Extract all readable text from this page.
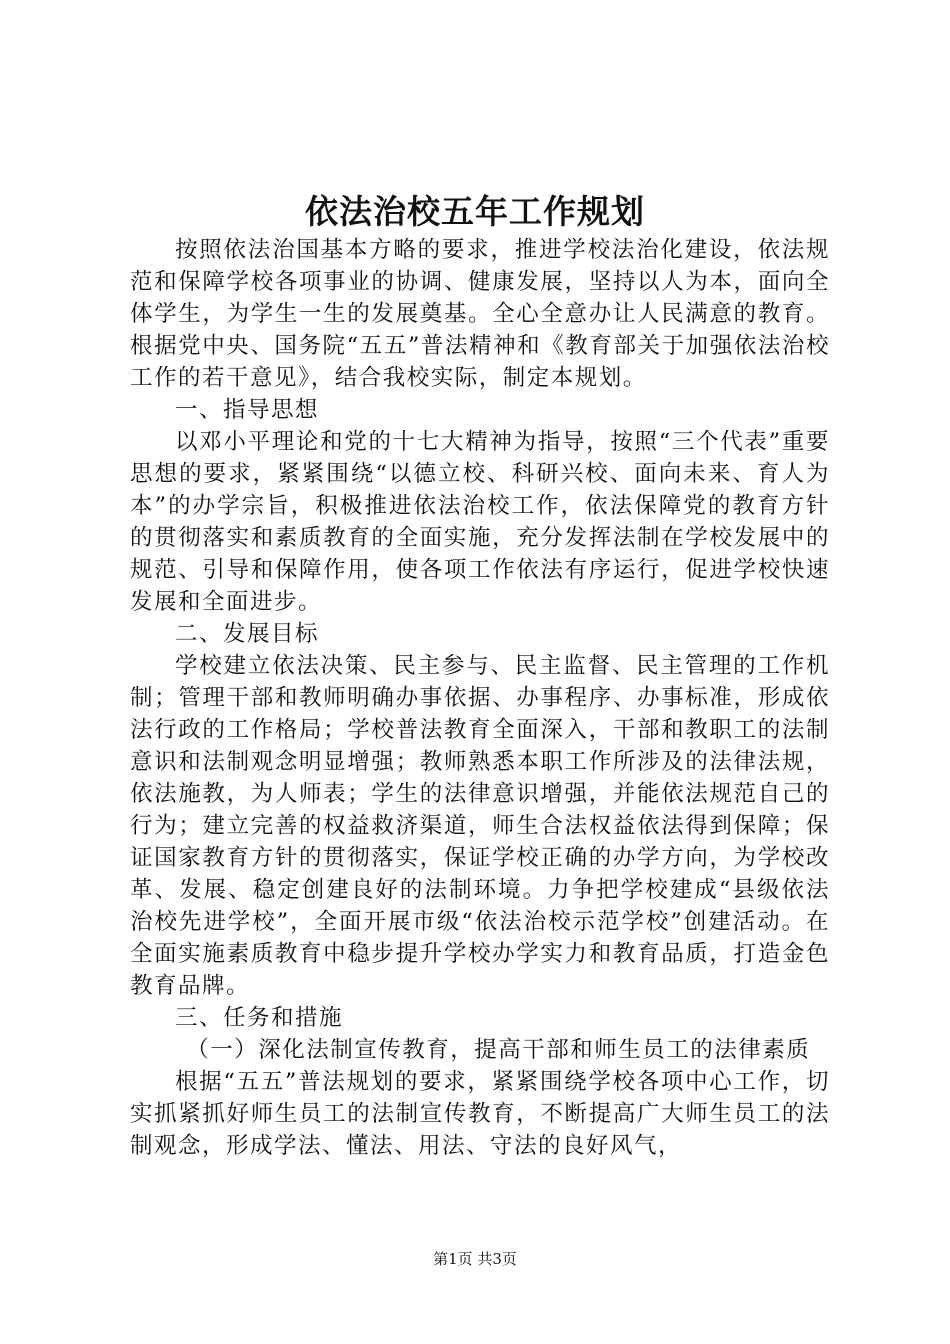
依法治校五年工作规划

按照依法治国基本方略的要求，推进学校法治化建设，依法规范和保障学校各项事业的协调、健康发展，坚持以人为本，面向全体学生，为学生一生的发展奠基。全心全意办让人民满意的教育。根据党中央、国务院“五五”普法精神和《教育部关于加强依法治校工作的若干意见》，结合我校实际，制定本规划。

一、指导思想

以邓小平理论和党的十七大精神为指导，按照“三个代表”重要思想的要求，紧紧围绕“以德立校、科研兴校、面向未来、育人为本”的办学宗旨，积极推进依法治校工作，依法保障党的教育方针的贯彻落实和素质教育的全面实施，充分发挥法制在学校发展中的规范、引导和保障作用，使各项工作依法有序运行，促进学校快速发展和全面进步。

二、发展目标

学校建立依法决策、民主参与、民主监督、民主管理的工作机制；管理干部和教师明确办事依据、办事程序、办事标准，形成依法行政的工作格局；学校普法教育全面深入，干部和教职工的法制意识和法制观念明显增强；教师熟悉本职工作所涉及的法律法规，依法施教，为人师表；学生的法律意识增强，并能依法规范自己的行为；建立完善的权益救济渠道，师生合法权益依法得到保障；保证国家教育方针的贯彻落实，保证学校正确的办学方向，为学校改革、发展、稳定创建良好的法制环境。力争把学校建成“县级依法治校先进学校”，全面开展市级“依法治校示范学校”创建活动。在全面实施素质教育中稳步提升学校办学实力和教育品质，打造金色教育品牌。

三、任务和措施

（一）深化法制宣传教育，提高干部和师生员工的法律素质

根据“五五”普法规划的要求，紧紧围绕学校各项中心工作，切实抓紧抓好师生员工的法制宣传教育，不断提高广大师生员工的法制观念，形成学法、懂法、用法、守法的良好风气，

第1页 共3页
